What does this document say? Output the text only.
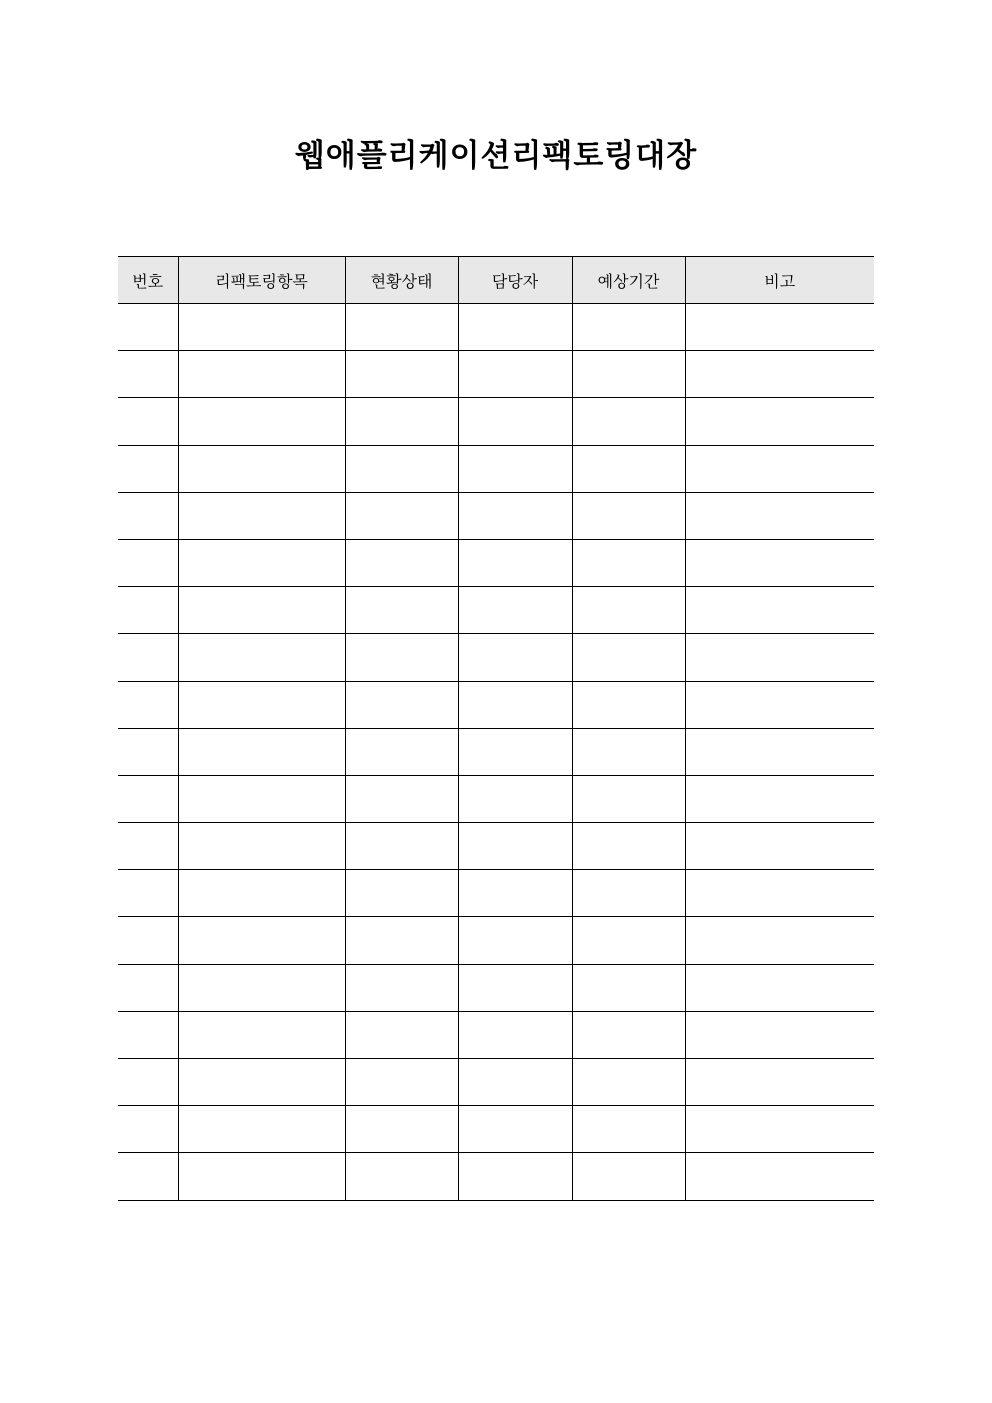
웹애플리케이션리팩토링대장
번호	리팩토링항목	현황상태	담당자	예상기간	비고
